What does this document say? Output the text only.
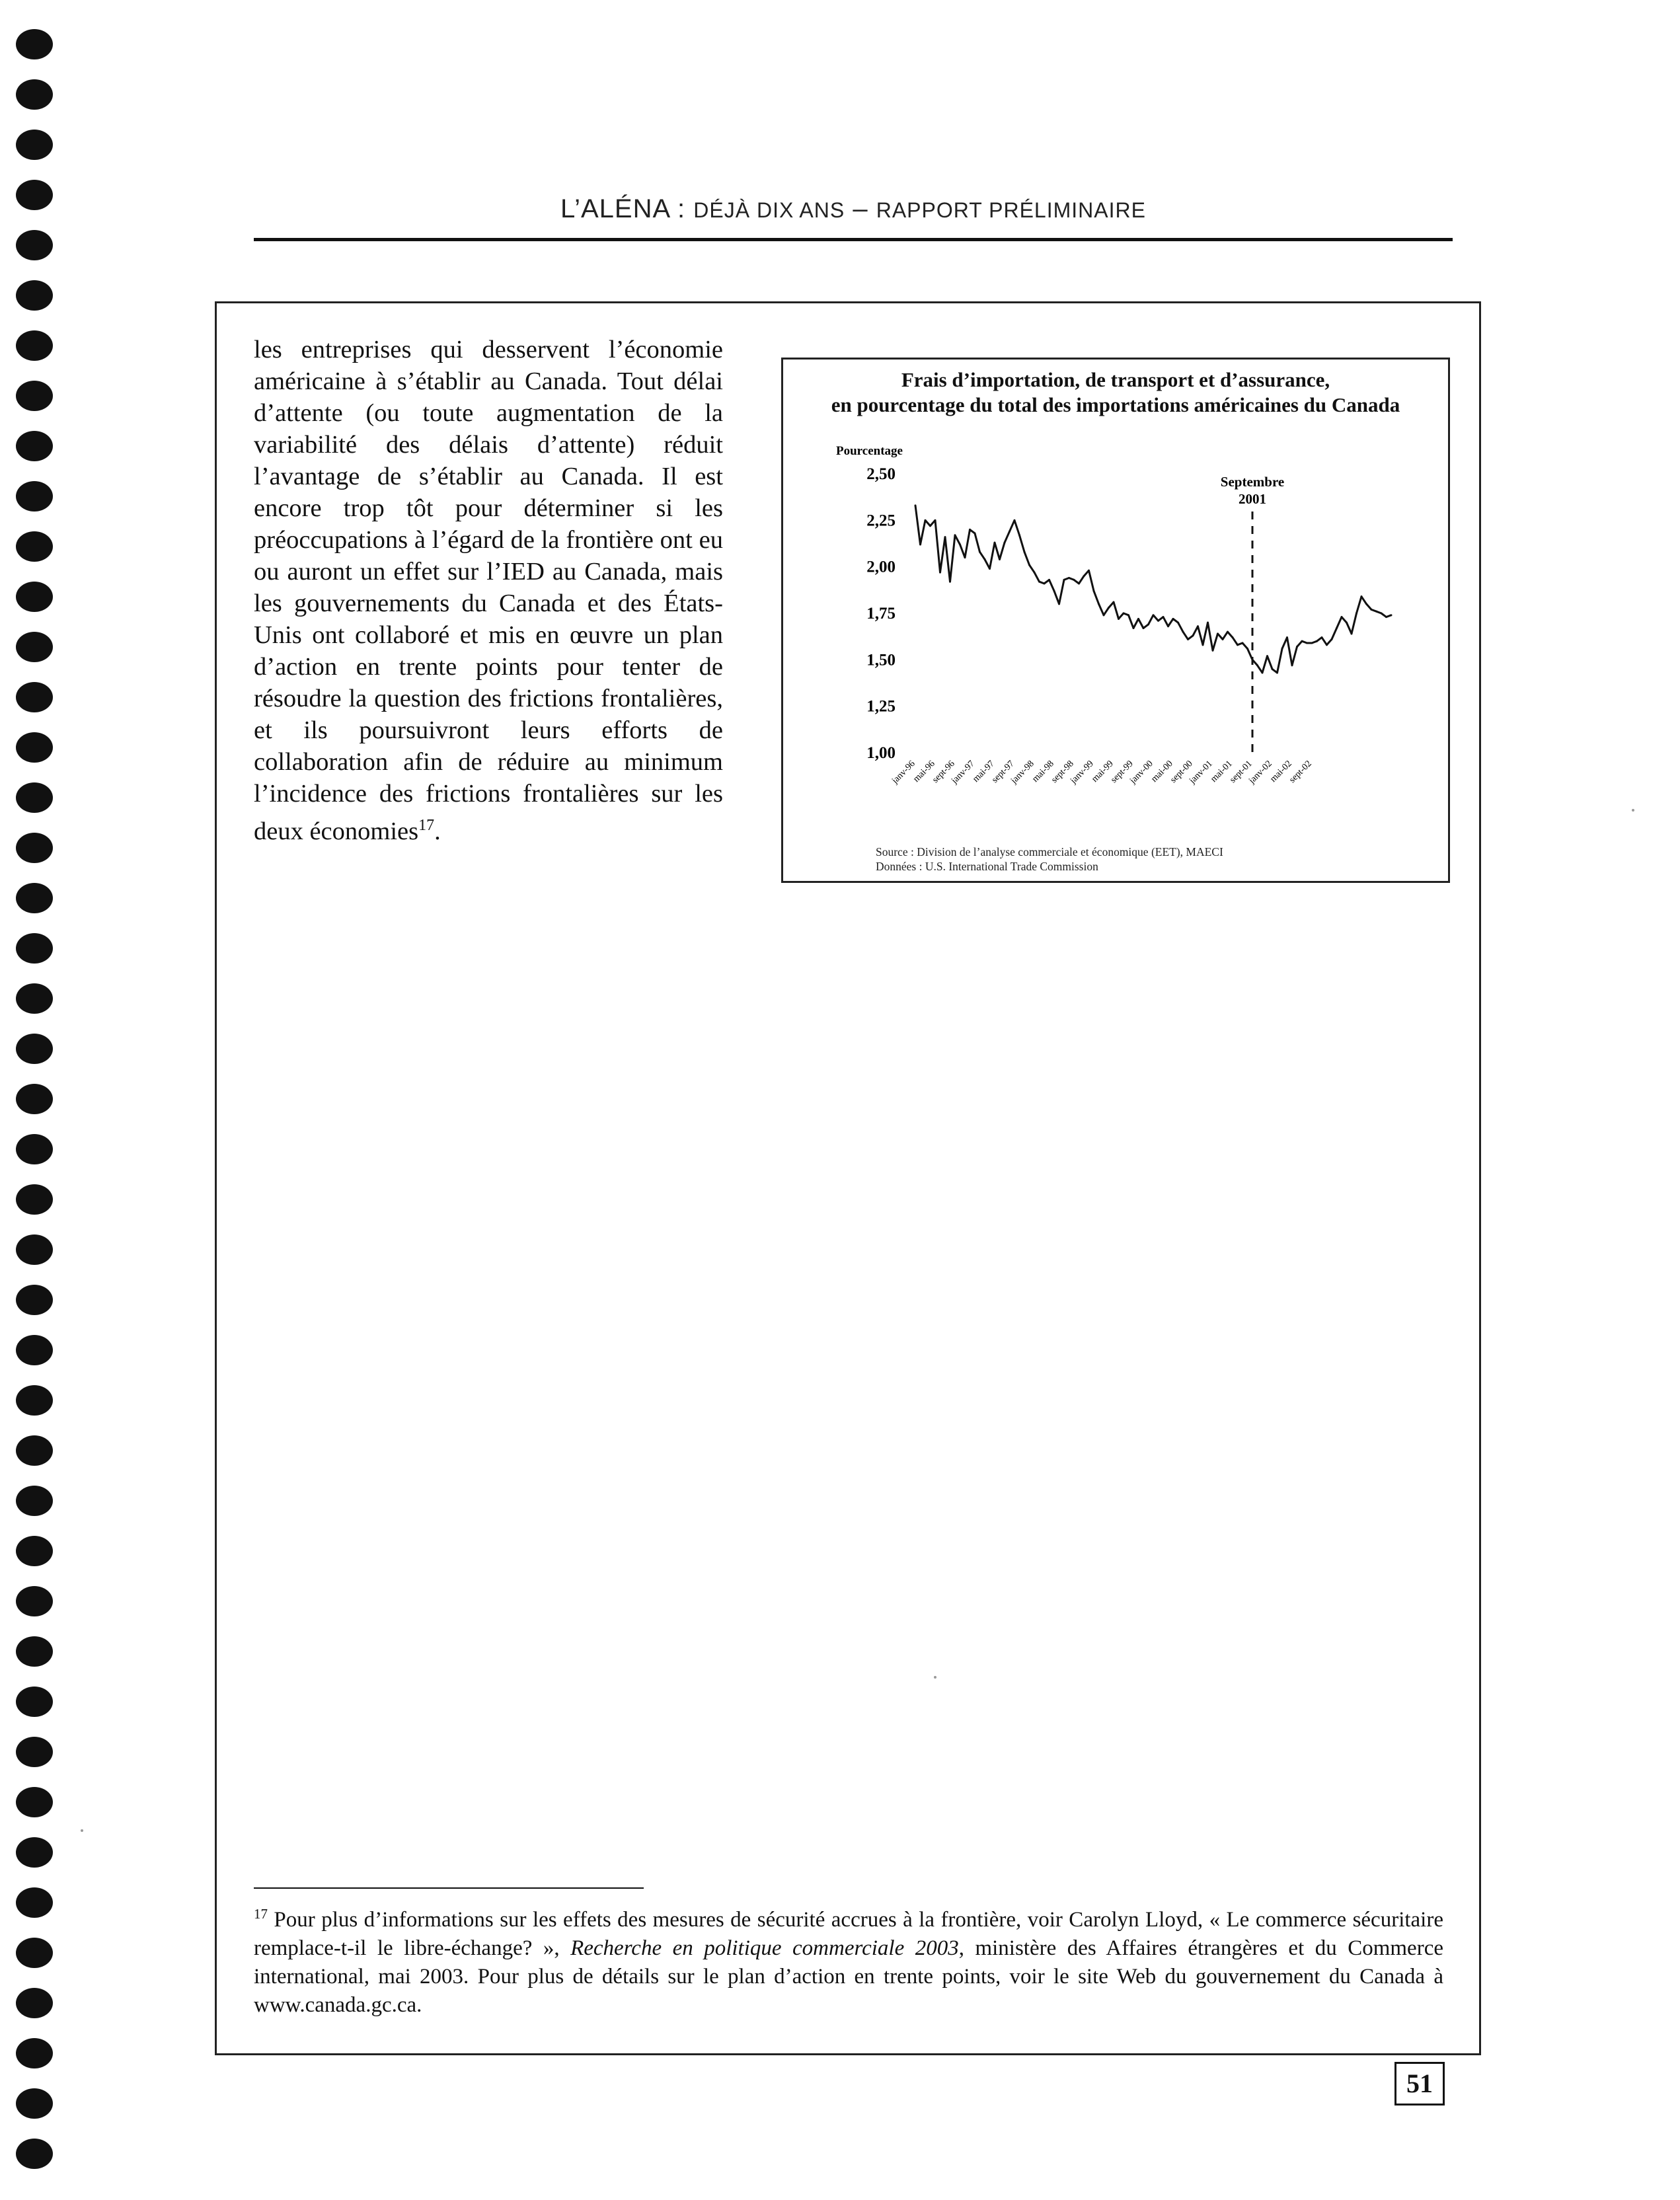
L’ALÉNA : DÉJÀ DIX ANS – RAPPORT PRÉLIMINAIRE
les entreprises qui desservent l’économie américaine à s’établir au Canada. Tout délai d’attente (ou toute augmentation de la variabilité des délais d’attente) réduit l’avantage de s’établir au Canada. Il est encore trop tôt pour déterminer si les préoccupations à l’égard de la frontière ont eu ou auront un effet sur l’IED au Canada, mais les gouvernements du Canada et des États-Unis ont collaboré et mis en œuvre un plan d’action en trente points pour tenter de résoudre la question des frictions frontalières, et ils poursuivront leurs efforts de collaboration afin de réduire au minimum l’incidence des frictions frontalières sur les deux économies$^{17}$.
Frais d’importation, de transport et d’assurance,
en pourcentage du total des importations américaines du Canada
2,50
2,25
2,00
1,75
1,50
1,25
1,00
janv-96
mai-96
sept-96
janv-97
mai-97
sept-97
janv-98
mai-98
sept-98
janv-99
mai-99
sept-99
janv-00
mai-00
sept-00
janv-01
mai-01
sept-01
janv-02
mai-02
sept-02
Pourcentage
Septembre
2001
Source : Division de l’analyse commerciale et économique (EET), MAECI
Données : U.S. International Trade Commission
$^{17}$ Pour plus d’informations sur les effets des mesures de sécurité accrues à la frontière, voir Carolyn Lloyd, « Le commerce sécuritaire remplace-t-il le libre-échange? », Recherche en politique commerciale 2003, ministère des Affaires étrangères et du Commerce international, mai 2003. Pour plus de détails sur le plan d’action en trente points, voir le site Web du gouvernement du Canada à www.canada.gc.ca.
51
